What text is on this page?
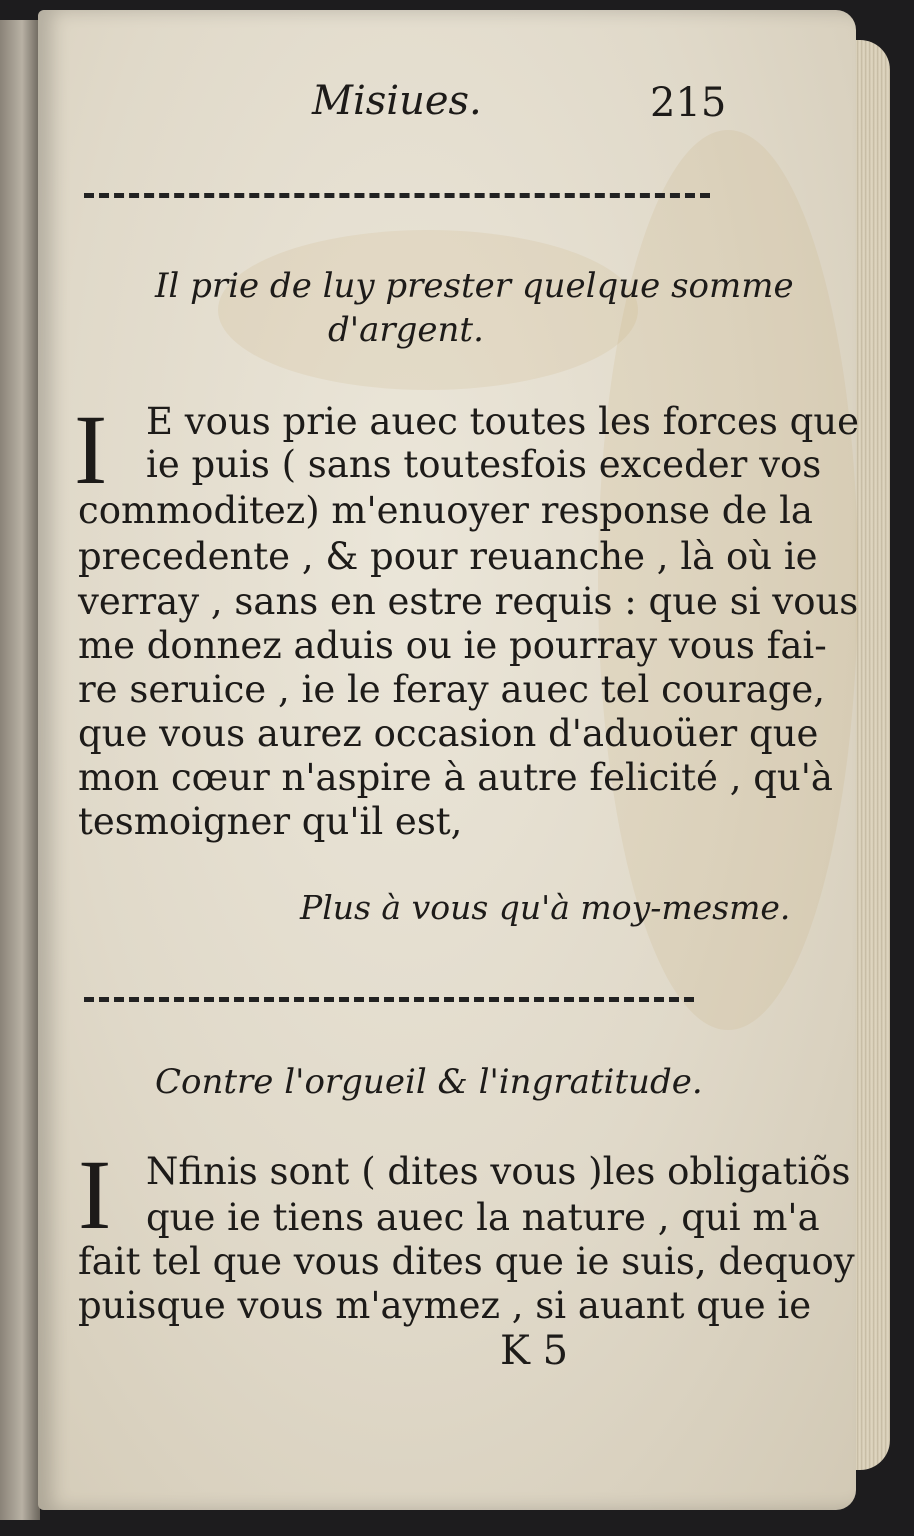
Misiues.	215
Il prie de luy prester quelque somme
d'argent.
I E vous prie auec toutes les forces que
ie puis ( sans toutesfois exceder vos
commoditez) m'enuoyer response de la
precedente , & pour reuanche , là où ie
verray , sans en estre requis : que si vous
me donnez aduis ou ie pourray vous fai-
re seruice , ie le feray auec tel courage,
que vous aurez occasion d'aduoüer que
mon cœur n'aspire à autre felicité , qu'à
tesmoigner qu'il est,
Plus à vous qu'à moy-mesme.
Contre l'orgueil & l'ingratitude.
I Nfinis sont ( dites vous )les obligatiõs
que ie tiens auec la nature , qui m'a
fait tel que vous dites que ie suis, dequoy
puisque vous m'aymez , si auant que ie
K 5
